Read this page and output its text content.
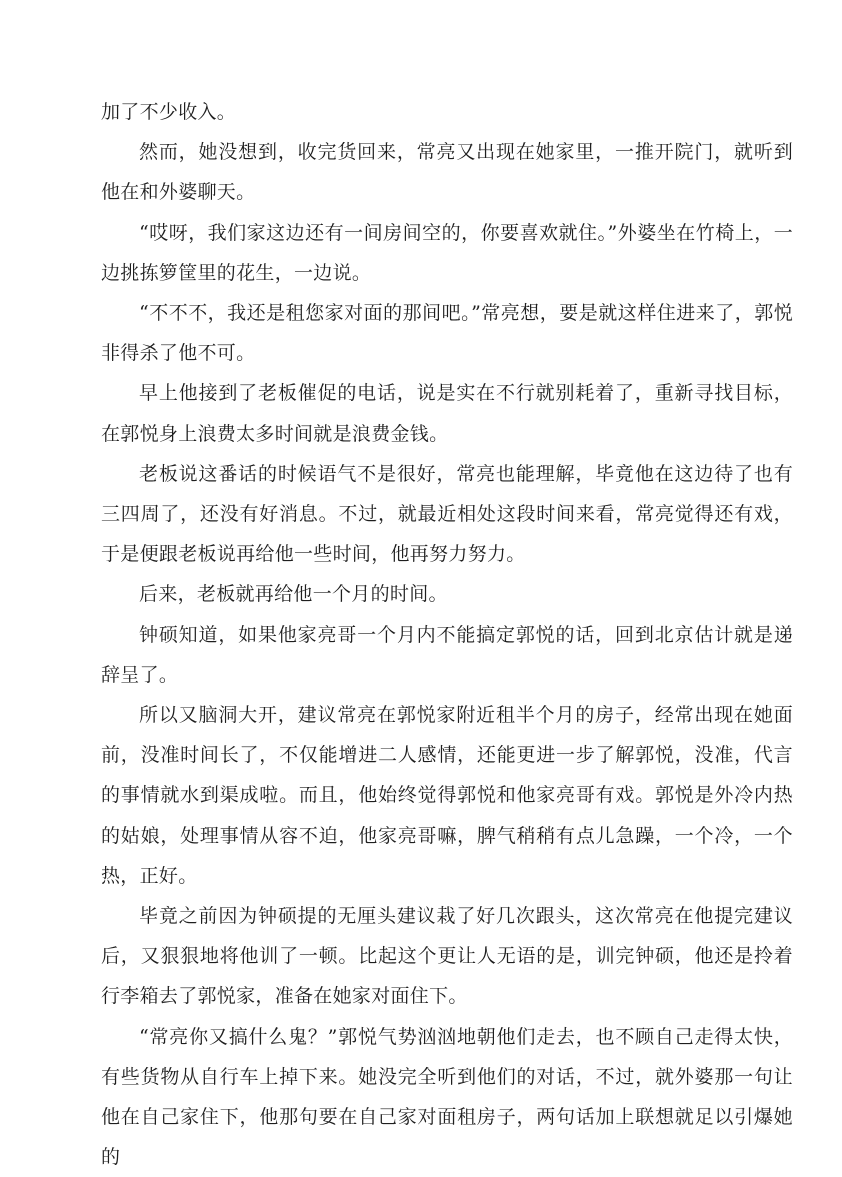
加了不少收入。

然而，她没想到，收完货回来，常亮又出现在她家里，一推开院门，就听到他在和外婆聊天。

“哎呀，我们家这边还有一间房间空的，你要喜欢就住。”外婆坐在竹椅上，一边挑拣箩筐里的花生，一边说。

“不不不，我还是租您家对面的那间吧。”常亮想，要是就这样住进来了，郭悦非得杀了他不可。

早上他接到了老板催促的电话，说是实在不行就别耗着了，重新寻找目标，在郭悦身上浪费太多时间就是浪费金钱。

老板说这番话的时候语气不是很好，常亮也能理解，毕竟他在这边待了也有三四周了，还没有好消息。不过，就最近相处这段时间来看，常亮觉得还有戏，于是便跟老板说再给他一些时间，他再努力努力。

后来，老板就再给他一个月的时间。

钟硕知道，如果他家亮哥一个月内不能搞定郭悦的话，回到北京估计就是递辞呈了。

所以又脑洞大开，建议常亮在郭悦家附近租半个月的房子，经常出现在她面前，没准时间长了，不仅能增进二人感情，还能更进一步了解郭悦，没准，代言的事情就水到渠成啦。而且，他始终觉得郭悦和他家亮哥有戏。郭悦是外冷内热的姑娘，处理事情从容不迫，他家亮哥嘛，脾气稍稍有点儿急躁，一个冷，一个热，正好。

毕竟之前因为钟硕提的无厘头建议栽了好几次跟头，这次常亮在他提完建议后，又狠狠地将他训了一顿。比起这个更让人无语的是，训完钟硕，他还是拎着行李箱去了郭悦家，准备在她家对面住下。

“常亮你又搞什么鬼？”郭悦气势汹汹地朝他们走去，也不顾自己走得太快，有些货物从自行车上掉下来。她没完全听到他们的对话，不过，就外婆那一句让他在自己家住下，他那句要在自己家对面租房子，两句话加上联想就足以引爆她的
